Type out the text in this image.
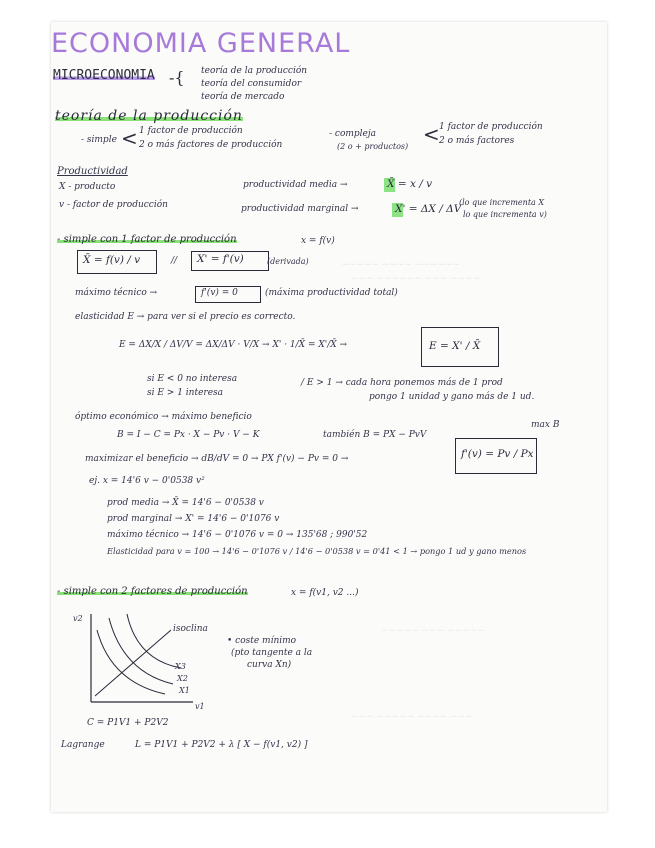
ECONOMIA GENERAL
MICROECONOMIA -{ teoría de la producción
teoría del consumidor
teoría de mercado
teoría de la producción
- simple < 1 factor de producción
2 o más factores de producción
- compleja
(2 o + productos)
< 1 factor de producción
2 o más factores
Productividad
X - producto
v - factor de producción
productividad media →	X̄ = x / v
productividad marginal →	X' = ΔX / ΔV
(lo que incrementa X
lo que incrementa v)
- simple con 1 factor de producción	x = f(v)
X̄ = f(v) / v	// X' = f'(v)	(derivada)
máximo técnico →	f'(v) = 0	(máxima productividad total)
elasticidad E → para ver si el precio es correcto.
E = ΔX/X / ΔV/V = ΔX/ΔV · V/X → X' · 1/X̄ = X'/X̄ →	E = X' / X̄
si E < 0 no interesa
si E > 1 interesa
/ E > 1 → cada hora ponemos más de 1 prod
pongo 1 unidad y gano más de 1 ud.
óptimo económico → máximo beneficio
B = I − C = Px · X − Pv · V − K	también B = PX − PvV
max B
maximizar el beneficio → dB/dV = 0 → PX f'(v) − Pv = 0 →	f'(v) = Pv / Px
ej. x = 14'6 v − 0'0538 v²
prod media → X̄ = 14'6 − 0'0538 v
prod marginal → X' = 14'6 − 0'1076 v
máximo técnico → 14'6 − 0'1076 v = 0 → 135'68 ; 990'52
Elasticidad para v = 100 → 14'6 − 0'1076 v / 14'6 − 0'0538 v = 0'41 < 1 → pongo 1 ud y gano menos
- simple con 2 factores de producción	x = f(v1, v2 ...)
v2
v1
X3
X2
X1
isoclina
• coste mínimo
(pto tangente a la
curva Xn)
C = P1V1 + P2V2
Lagrange	L = P1V1 + P2V2 + λ [ X − f(v1, v2) ]
~~~~~ ~~~~ ~~~~~~
~~~ ~~~~~~ ~~~ ~~~~
~~~~~ ~~~ ~~~~~
~~~ ~~~~~ ~~~~ ~~~
